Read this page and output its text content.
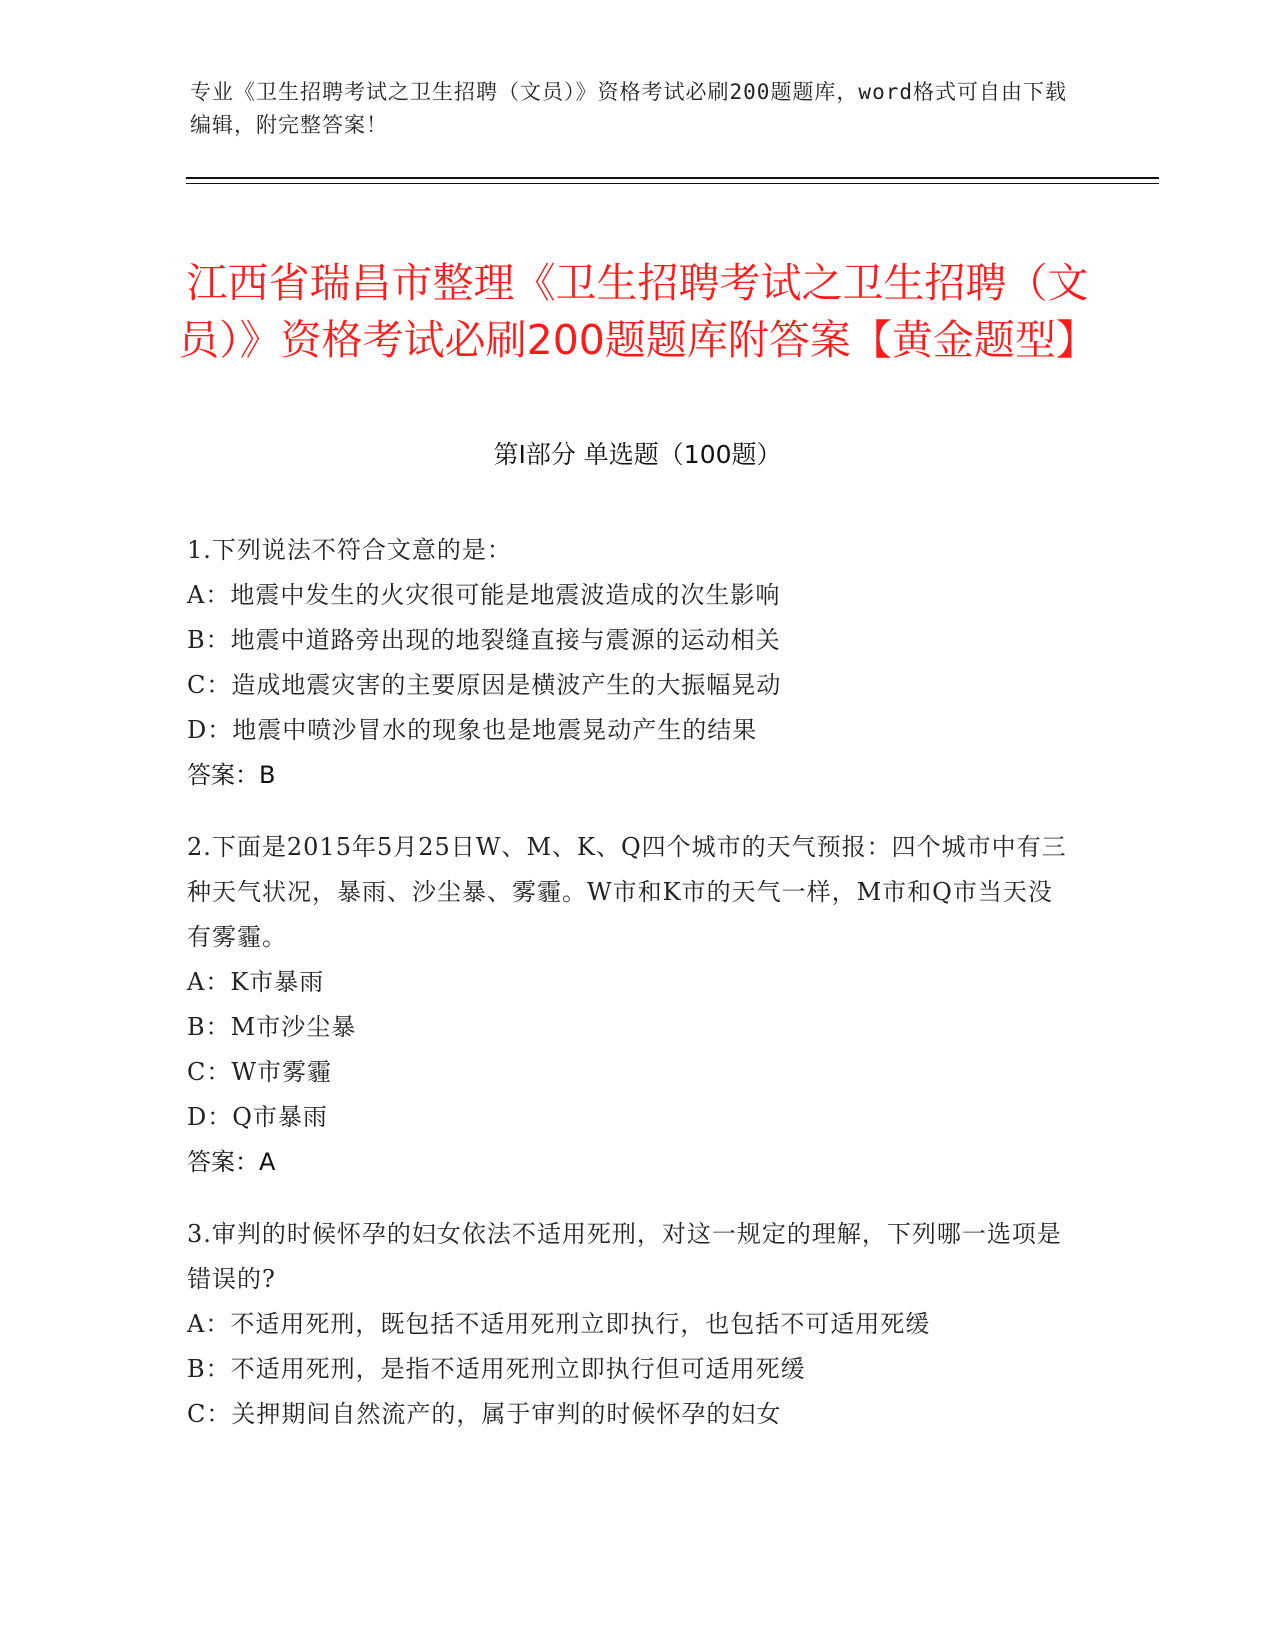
专业《卫生招聘考试之卫生招聘（文员）》资格考试必刷200题题库，word格式可自由下载编辑，附完整答案！
江西省瑞昌市整理《卫生招聘考试之卫生招聘（文员）》资格考试必刷200题题库附答案【黄金题型】
第Ⅰ部分 单选题（100题）
1.下列说法不符合文意的是：
A：地震中发生的火灾很可能是地震波造成的次生影响
B：地震中道路旁出现的地裂缝直接与震源的运动相关
C：造成地震灾害的主要原因是横波产生的大振幅晃动
D：地震中喷沙冒水的现象也是地震晃动产生的结果
答案：B
2.下面是2015年5月25日W、M、K、Q四个城市的天气预报：四个城市中有三种天气状况，暴雨、沙尘暴、雾霾。W市和K市的天气一样，M市和Q市当天没有雾霾。
A：K市暴雨
B：M市沙尘暴
C：W市雾霾
D：Q市暴雨
答案：A
3.审判的时候怀孕的妇女依法不适用死刑，对这一规定的理解，下列哪一选项是错误的?
A：不适用死刑，既包括不适用死刑立即执行，也包括不可适用死缓
B：不适用死刑，是指不适用死刑立即执行但可适用死缓
C：关押期间自然流产的，属于审判的时候怀孕的妇女
